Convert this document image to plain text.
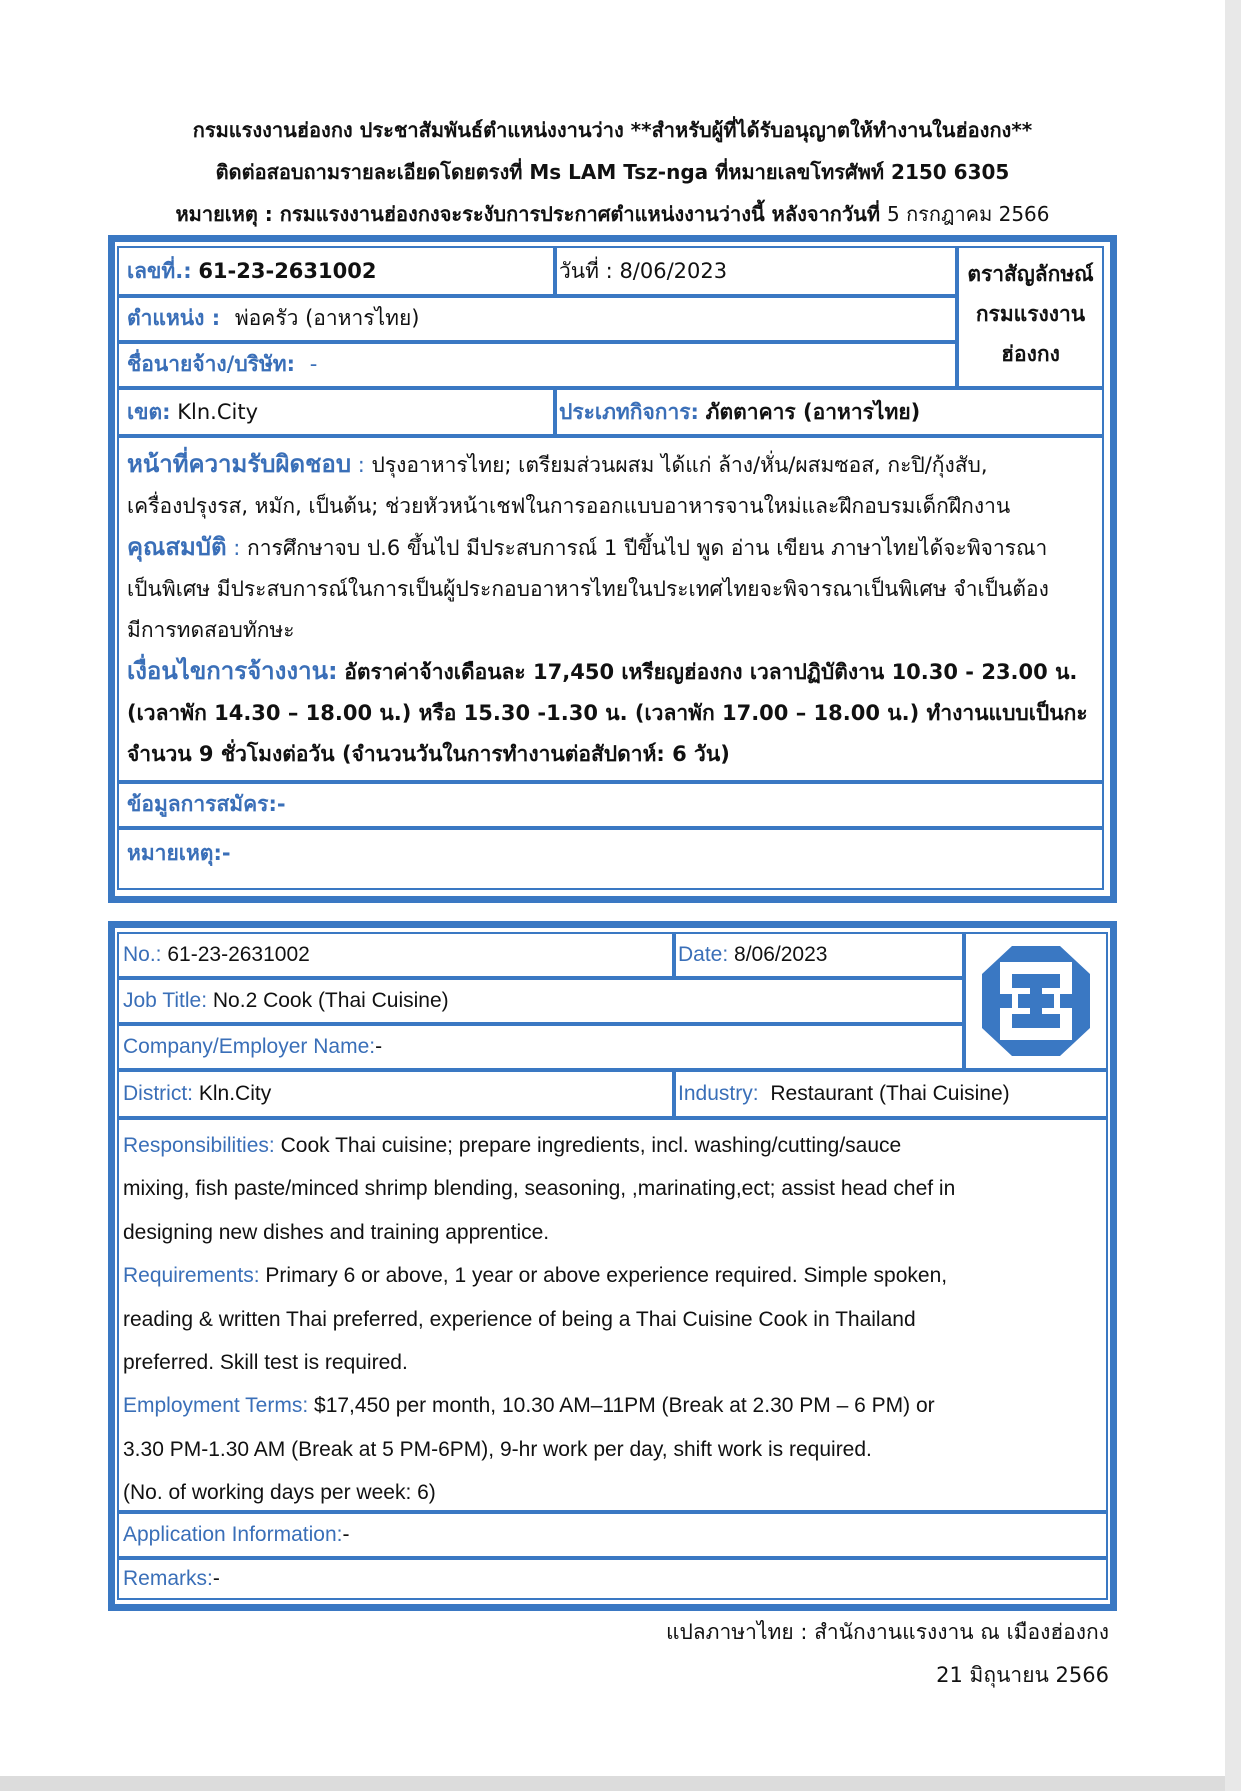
กรมแรงงานฮ่องกง ประชาสัมพันธ์ตำแหน่งงานว่าง **สำหรับผู้ที่ได้รับอนุญาตให้ทำงานในฮ่องกง**
ติดต่อสอบถามรายละเอียดโดยตรงที่ Ms LAM Tsz-nga ที่หมายเลขโทรศัพท์ 2150 6305
หมายเหตุ : กรมแรงงานฮ่องกงจะระงับการประกาศตำแหน่งงานว่างนี้ หลังจากวันที่ 5 กรกฎาคม 2566
เลขที่.: 61-23-2631002	วันที่ : 8/06/2023	ตราสัญลักษณ์
กรมแรงงาน
ฮ่องกง
ตำแหน่ง : พ่อครัว (อาหารไทย)
ชื่อนายจ้าง/บริษัท: -
เขต: Kln.City	ประเภทกิจการ: ภัตตาคาร (อาหารไทย)
หน้าที่ความรับผิดชอบ : ปรุงอาหารไทย; เตรียมส่วนผสม ได้แก่ ล้าง/หั่น/ผสมซอส, กะปิ/กุ้งสับ,
เครื่องปรุงรส, หมัก, เป็นต้น; ช่วยหัวหน้าเชฟในการออกแบบอาหารจานใหม่และฝึกอบรมเด็กฝึกงาน
คุณสมบัติ : การศึกษาจบ ป.6 ขึ้นไป มีประสบการณ์ 1 ปีขึ้นไป พูด อ่าน เขียน ภาษาไทยได้จะพิจารณา
เป็นพิเศษ มีประสบการณ์ในการเป็นผู้ประกอบอาหารไทยในประเทศไทยจะพิจารณาเป็นพิเศษ จำเป็นต้อง
มีการทดสอบทักษะ
เงื่อนไขการจ้างงาน: อัตราค่าจ้างเดือนละ 17,450 เหรียญฮ่องกง เวลาปฏิบัติงาน 10.30 - 23.00 น.
(เวลาพัก 14.30 – 18.00 น.) หรือ 15.30 -1.30 น. (เวลาพัก 17.00 – 18.00 น.) ทำงานแบบเป็นกะ
จำนวน 9 ชั่วโมงต่อวัน (จำนวนวันในการทำงานต่อสัปดาห์: 6 วัน)
ข้อมูลการสมัคร:-
หมายเหตุ:-
No.: 61-23-2631002	Date: 8/06/2023
Job Title: No.2 Cook (Thai Cuisine)
Company/Employer Name:-
District: Kln.City	Industry: Restaurant (Thai Cuisine)
Responsibilities: Cook Thai cuisine; prepare ingredients, incl. washing/cutting/sauce
mixing, fish paste/minced shrimp blending, seasoning, ,marinating,ect; assist head chef in
designing new dishes and training apprentice.
Requirements: Primary 6 or above, 1 year or above experience required. Simple spoken,
reading & written Thai preferred, experience of being a Thai Cuisine Cook in Thailand
preferred. Skill test is required.
Employment Terms: $17,450 per month, 10.30 AM–11PM (Break at 2.30 PM – 6 PM) or
3.30 PM-1.30 AM (Break at 5 PM-6PM), 9-hr work per day, shift work is required.
(No. of working days per week: 6)
Application Information:-
Remarks:-
แปลภาษาไทย : สำนักงานแรงงาน ณ เมืองฮ่องกง
21 มิถุนายน 2566
